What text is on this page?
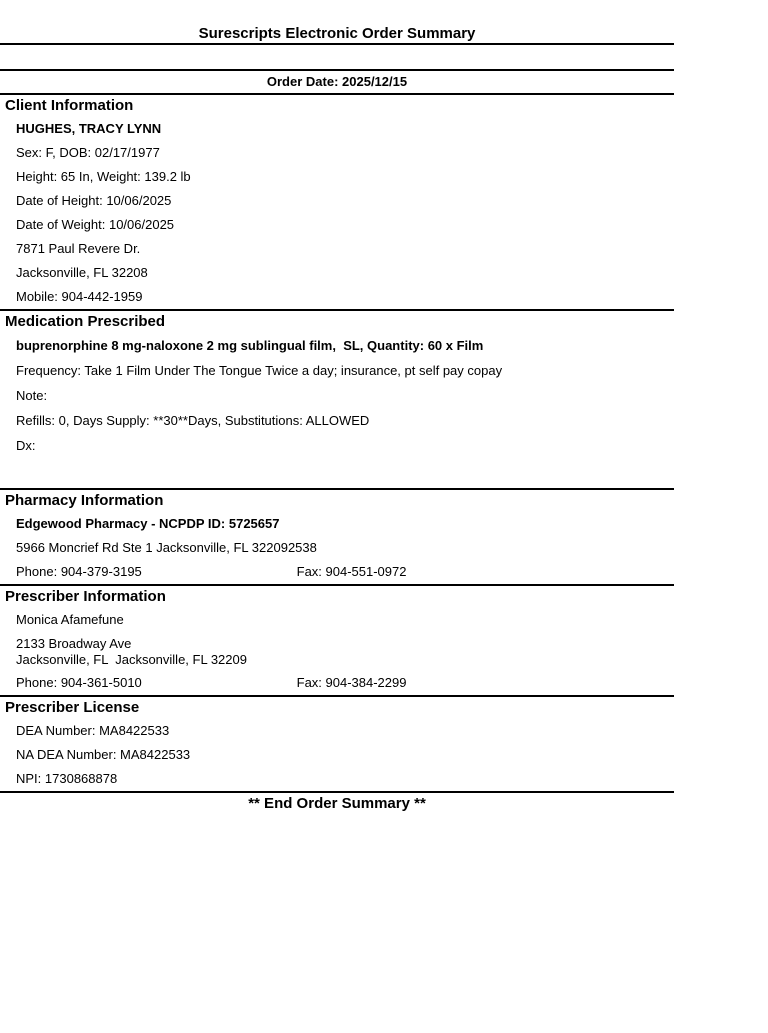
Surescripts Electronic Order Summary
Order Date: 2025/12/15
Client Information
HUGHES, TRACY LYNN
Sex: F, DOB: 02/17/1977
Height: 65 In, Weight: 139.2 lb
Date of Height: 10/06/2025
Date of Weight: 10/06/2025
7871 Paul Revere Dr.
Jacksonville, FL 32208
Mobile: 904-442-1959
Medication Prescribed
buprenorphine 8 mg-naloxone 2 mg sublingual film,  SL, Quantity: 60 x Film
Frequency: Take 1 Film Under The Tongue Twice a day; insurance, pt self pay copay
Note:
Refills: 0, Days Supply: **30**Days, Substitutions: ALLOWED
Dx:
Pharmacy Information
Edgewood Pharmacy - NCPDP ID: 5725657
5966 Moncrief Rd Ste 1 Jacksonville, FL 322092538
Phone: 904-379-3195	Fax: 904-551-0972
Prescriber Information
Monica Afamefune
2133 Broadway Ave
Jacksonville, FL  Jacksonville, FL 32209
Phone: 904-361-5010	Fax: 904-384-2299
Prescriber License
DEA Number: MA8422533
NA DEA Number: MA8422533
NPI: 1730868878
** End Order Summary **
